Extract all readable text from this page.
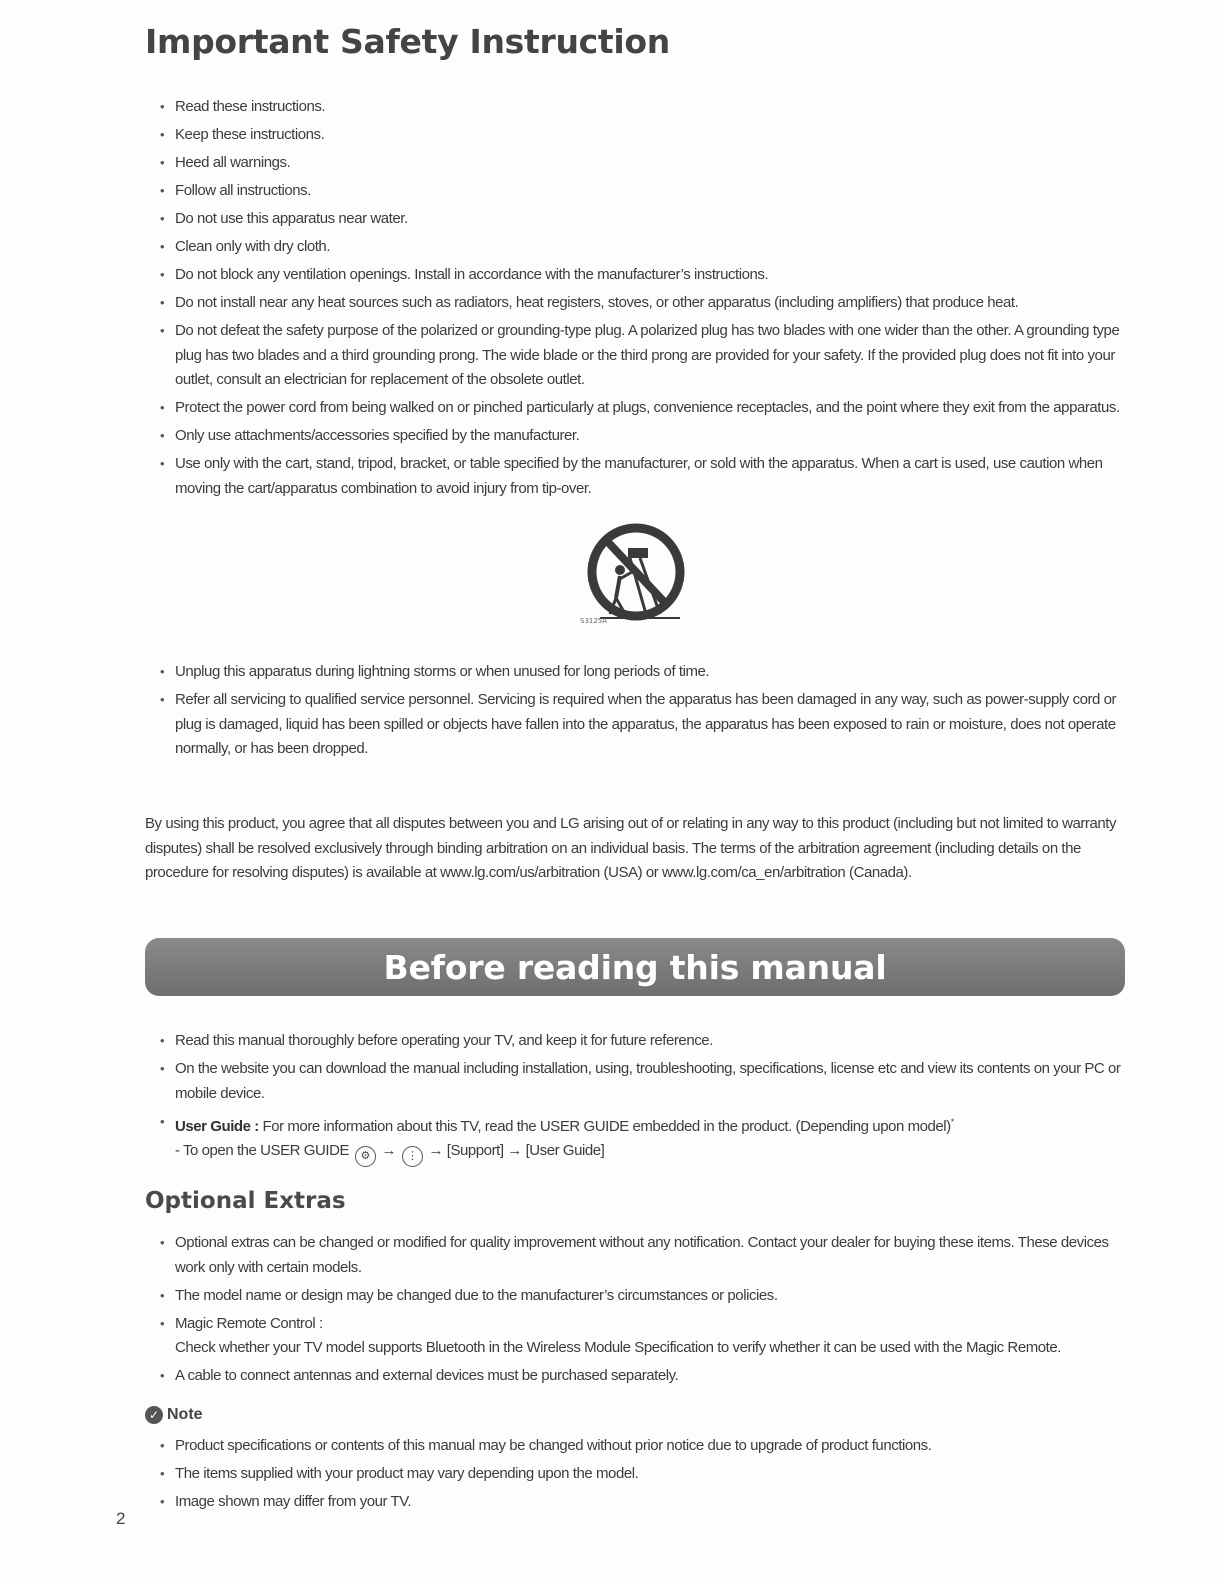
Important Safety Instruction
• Read these instructions.
• Keep these instructions.
• Heed all warnings.
• Follow all instructions.
• Do not use this apparatus near water.
• Clean only with dry cloth.
• Do not block any ventilation openings. Install in accordance with the manufacturer’s instructions.
• Do not install near any heat sources such as radiators, heat registers, stoves, or other apparatus (including amplifiers) that produce heat.
• Do not defeat the safety purpose of the polarized or grounding-type plug. A polarized plug has two blades with one wider than the other. A grounding type
plug has two blades and a third grounding prong. The wide blade or the third prong are provided for your safety. If the provided plug does not fit into your
outlet, consult an electrician for replacement of the obsolete outlet.
• Protect the power cord from being walked on or pinched particularly at plugs, convenience receptacles, and the point where they exit from the apparatus.
• Only use attachments/accessories specified by the manufacturer.
• Use only with the cart, stand, tripod, bracket, or table specified by the manufacturer, or sold with the apparatus. When a cart is used, use caution when
moving the cart/apparatus combination to avoid injury from tip-over.
S3125A
• Unplug this apparatus during lightning storms or when unused for long periods of time.
• Refer all servicing to qualified service personnel. Servicing is required when the apparatus has been damaged in any way, such as power-supply cord or
plug is damaged, liquid has been spilled or objects have fallen into the apparatus, the apparatus has been exposed to rain or moisture, does not operate
normally, or has been dropped.

By using this product, you agree that all disputes between you and LG arising out of or relating in any way to this product (including but not limited to warranty
disputes) shall be resolved exclusively through binding arbitration on an individual basis. The terms of the arbitration agreement (including details on the
procedure for resolving disputes) is available at www.lg.com/us/arbitration (USA) or www.lg.com/ca_en/arbitration (Canada).

Before reading this manual
• Read this manual thoroughly before operating your TV, and keep it for future reference.
• On the website you can download the manual including installation, using, troubleshooting, specifications, license etc and view its contents on your PC or
mobile device.
• User Guide : For more information about this TV, read the USER GUIDE embedded in the product. (Depending upon model)*
- To open the USER GUIDE ⚙ → ⋮ → [Support] → [User Guide]
Optional Extras
• Optional extras can be changed or modified for quality improvement without any notification. Contact your dealer for buying these items. These devices
work only with certain models.
• The model name or design may be changed due to the manufacturer’s circumstances or policies.
• Magic Remote Control :
Check whether your TV model supports Bluetooth in the Wireless Module Specification to verify whether it can be used with the Magic Remote.
• A cable to connect antennas and external devices must be purchased separately.
✓ Note
• Product specifications or contents of this manual may be changed without prior notice due to upgrade of product functions.
• The items supplied with your product may vary depending upon the model.
• Image shown may differ from your TV.
2
